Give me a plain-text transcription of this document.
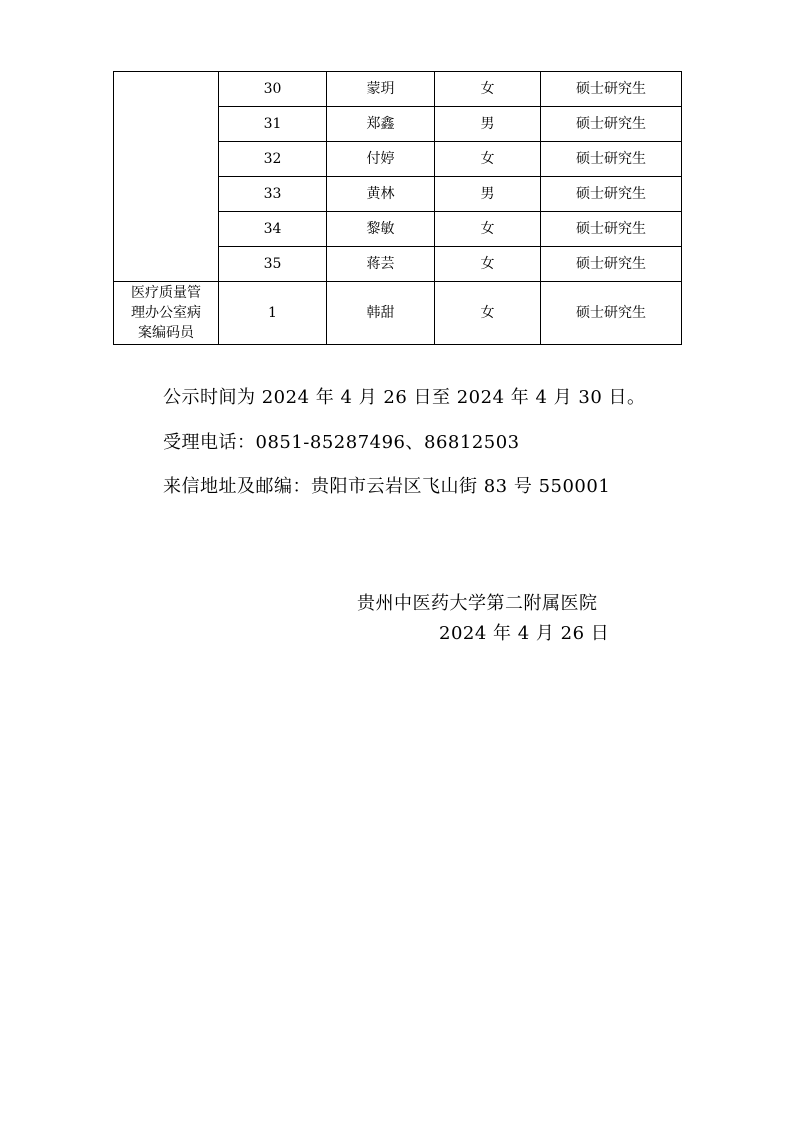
	30	蒙玥	女	硕士研究生
	31	郑鑫	男	硕士研究生
	32	付婷	女	硕士研究生
	33	黄林	男	硕士研究生
	34	黎敏	女	硕士研究生
	35	蒋芸	女	硕士研究生

医疗质量管
理办公室病
案编码员	1	韩甜	女	硕士研究生
公示时间为 2024 年 4 月 26 日至 2024 年 4 月 30 日。
受理电话：0851-85287496、86812503
来信地址及邮编：贵阳市云岩区飞山街 83 号 550001
贵州中医药大学第二附属医院
2024 年 4 月 26 日
